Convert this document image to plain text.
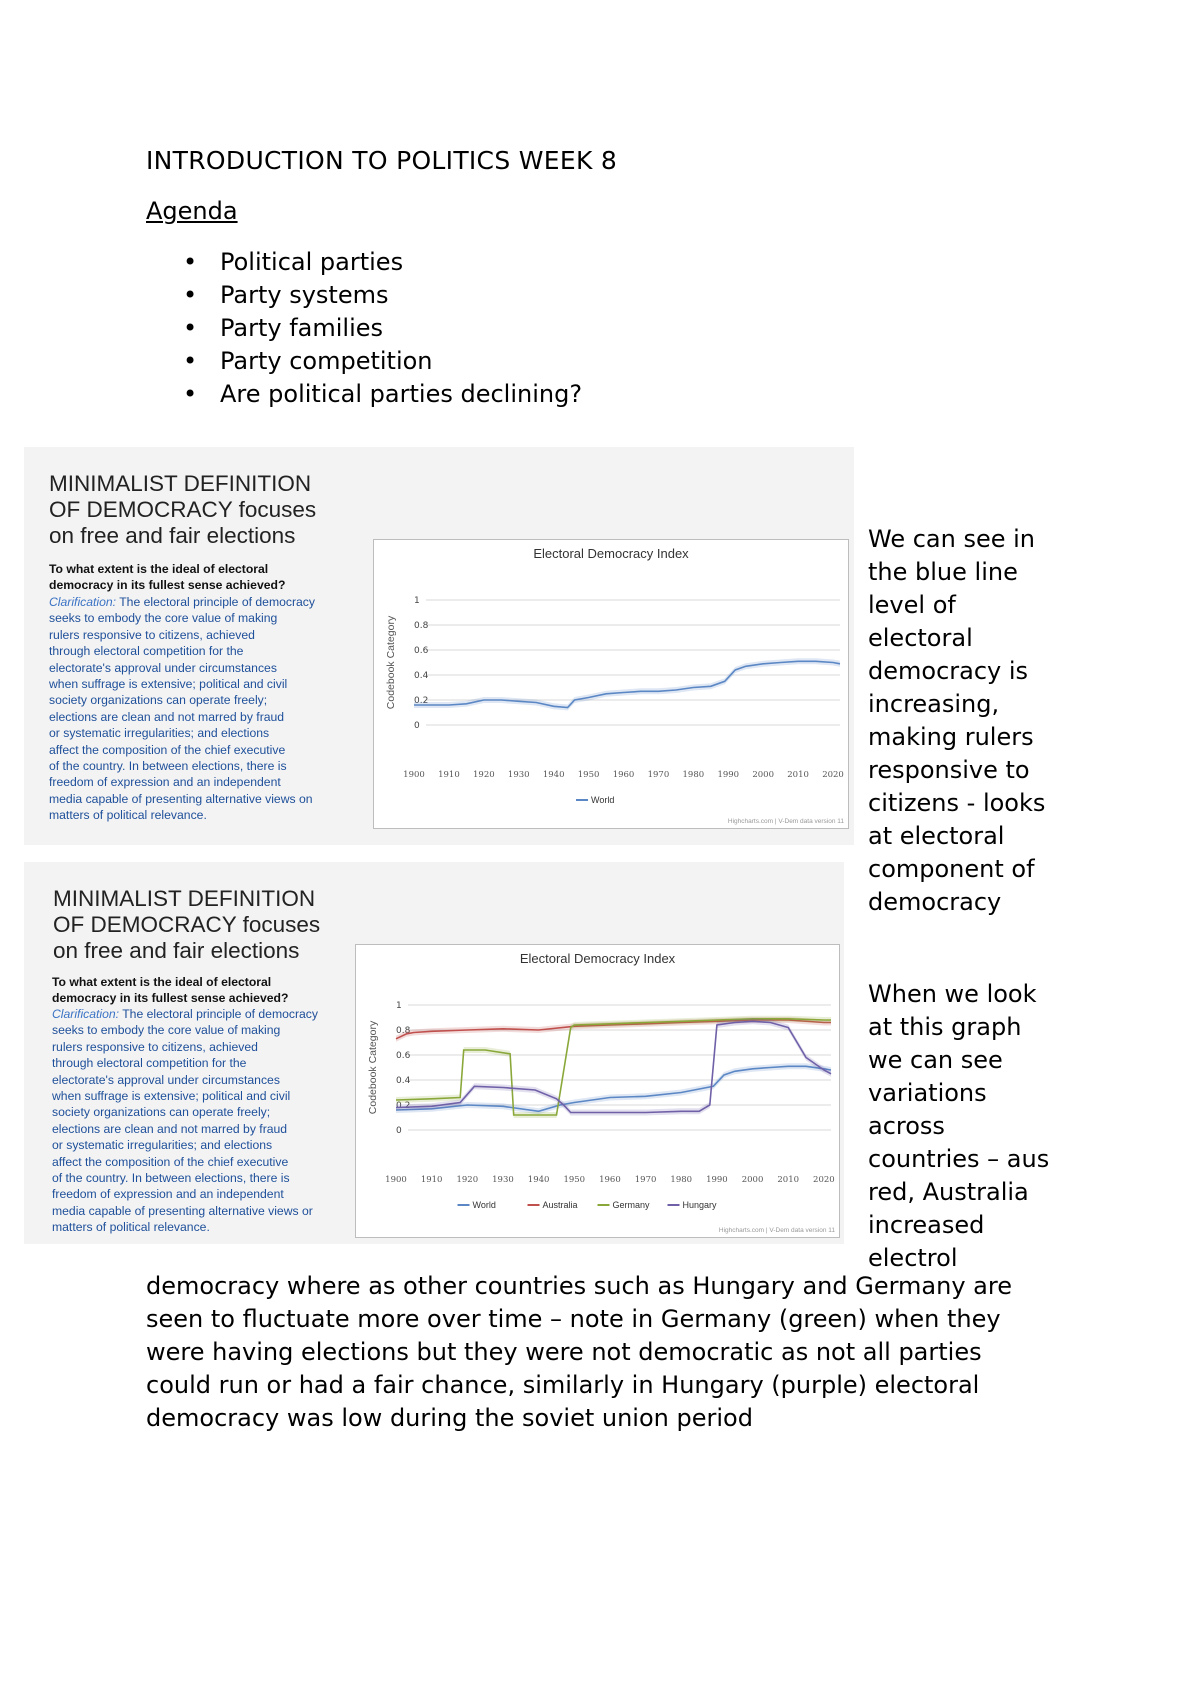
INTRODUCTION TO POLITICS WEEK 8
Agenda
• Political parties
• Party systems
• Party families
• Party competition
• Are political parties declining?
MINIMALIST DEFINITION
OF DEMOCRACY focuses
on free and fair elections
To what extent is the ideal of electoral
democracy in its fullest sense achieved?
Clarification: The electoral principle of democracy
seeks to embody the core value of making
rulers responsive to citizens, achieved
through electoral competition for the
electorate's approval under circumstances
when suffrage is extensive; political and civil
society organizations can operate freely;
elections are clean and not marred by fraud
or systematic irregularities; and elections
affect the composition of the chief executive
of the country. In between elections, there is
freedom of expression and an independent
media capable of presenting alternative views on
matters of political relevance.
Electoral Democracy Index
Codebook Category
0
0.2
0.4
0.6
0.8
1
1900 1910 1920 1930 1940 1950 1960 1970 1980 1990 2000 2010 2020
World
Highcharts.com | V-Dem data version 11
MINIMALIST DEFINITION
OF DEMOCRACY focuses
on free and fair elections
To what extent is the ideal of electoral
democracy in its fullest sense achieved?
Clarification: The electoral principle of democracy
seeks to embody the core value of making
rulers responsive to citizens, achieved
through electoral competition for the
electorate's approval under circumstances
when suffrage is extensive; political and civil
society organizations can operate freely;
elections are clean and not marred by fraud
or systematic irregularities; and elections
affect the composition of the chief executive
of the country. In between elections, there is
freedom of expression and an independent
media capable of presenting alternative views or
matters of political relevance.
Electoral Democracy Index
Codebook Category
0
0.2
0.4
0.6
0.8
1
1900 1910 1920 1930 1940 1950 1960 1970 1980 1990 2000 2010 2020
World	Australia	Germany	Hungary
Highcharts.com | V-Dem data version 11
We can see in
the blue line
level of
electoral
democracy is
increasing,
making rulers
responsive to
citizens - looks
at electoral
component of
democracy
When we look
at this graph
we can see
variations
across
countries – aus
red, Australia
increased
electrol
democracy where as other countries such as Hungary and Germany are
seen to fluctuate more over time – note in Germany (green) when they
were having elections but they were not democratic as not all parties
could run or had a fair chance, similarly in Hungary (purple) electoral
democracy was low during the soviet union period
